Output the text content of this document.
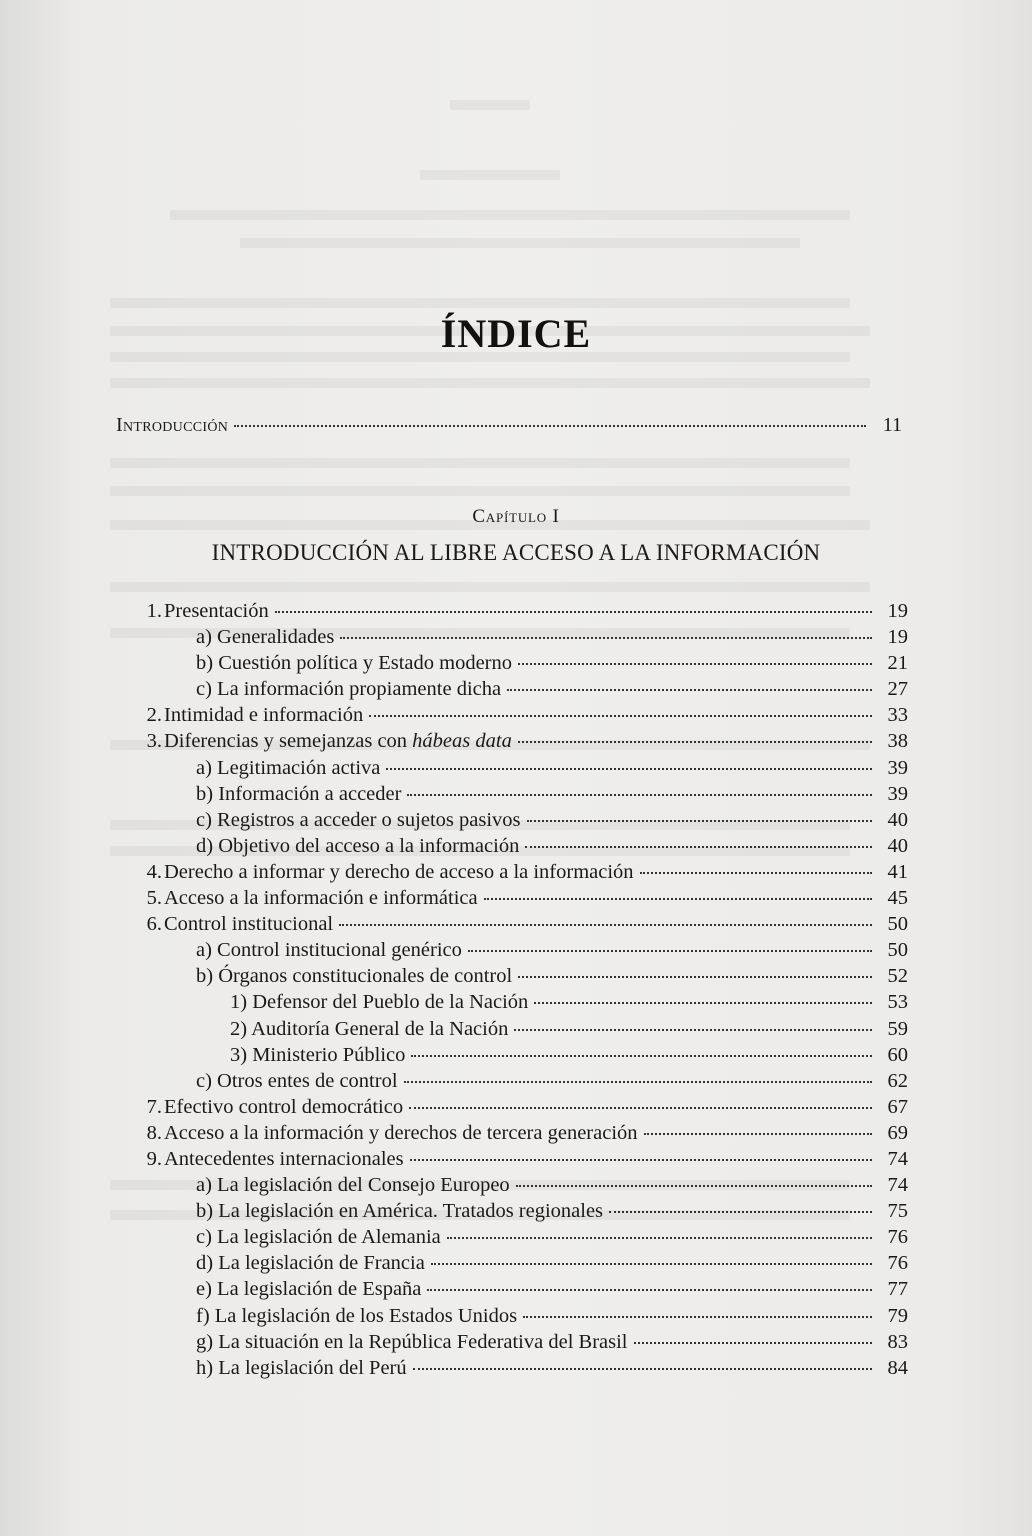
ÍNDICE
Introducción	11
Capítulo I
INTRODUCCIÓN AL LIBRE ACCESO A LA INFORMACIÓN
1. Presentación	19
a) Generalidades	19
b) Cuestión política y Estado moderno	21
c) La información propiamente dicha	27
2. Intimidad e información	33
3. Diferencias y semejanzas con hábeas data	38
a) Legitimación activa	39
b) Información a acceder	39
c) Registros a acceder o sujetos pasivos	40
d) Objetivo del acceso a la información	40
4. Derecho a informar y derecho de acceso a la información	41
5. Acceso a la información e informática	45
6. Control institucional	50
a) Control institucional genérico	50
b) Órganos constitucionales de control	52
1) Defensor del Pueblo de la Nación	53
2) Auditoría General de la Nación	59
3) Ministerio Público	60
c) Otros entes de control	62
7. Efectivo control democrático	67
8. Acceso a la información y derechos de tercera generación	69
9. Antecedentes internacionales	74
a) La legislación del Consejo Europeo	74
b) La legislación en América. Tratados regionales	75
c) La legislación de Alemania	76
d) La legislación de Francia	76
e) La legislación de España	77
f) La legislación de los Estados Unidos	79
g) La situación en la República Federativa del Brasil	83
h) La legislación del Perú	84
